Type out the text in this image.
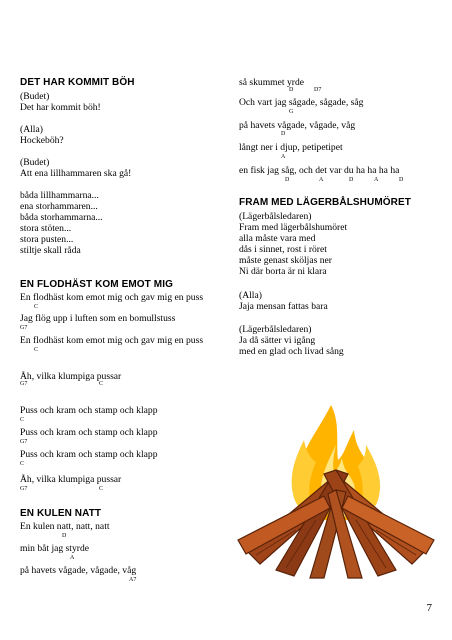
DET HAR KOMMIT BÖH
(Budet)
Det har kommit böh!
(Alla)
Hockeböh?
(Budet)
Att ena lillhammaren ska gå!
båda lillhammarna...
ena storhammaren...
båda storhammarna...
stora stöten...
stora pusten...
stiltje skall råda
EN FLODHÄST KOM EMOT MIG
En flodhäst kom emot mig och gav mig en puss
C
Jag flög upp i luften som en bomullstuss
G7
En flodhäst kom emot mig och gav mig en puss
C
Åh, vilka klumpiga pussar
G7	C
Puss och kram och stamp och klapp
C
Puss och kram och stamp och klapp
G7
Puss och kram och stamp och klapp
C
Åh, vilka klumpiga pussar
G7	C
EN KULEN NATT
En kulen natt, natt, natt
D
min båt jag styrde
A
på havets vågade, vågade, våg
A7
så skummet yrde
D	D7
Och vart jag sågade, sågade, såg
G
på havets vågade, vågade, våg
D
långt ner i djup, petipetipet
A
en fisk jag såg, och det var du ha ha ha ha
D	A	D	A	D
FRAM MED LÄGERBÅLSHUMÖRET
(Lägerbålsledaren)
Fram med lägerbålshumöret
alla måste vara med
dås i sinnet, rost i röret
måste genast sköljas ner
Ni där borta är ni klara
(Alla)
Jaja mensan fattas bara
(Lägerbålsledaren)
Ja då sätter vi igång
med en glad och livad sång
7
